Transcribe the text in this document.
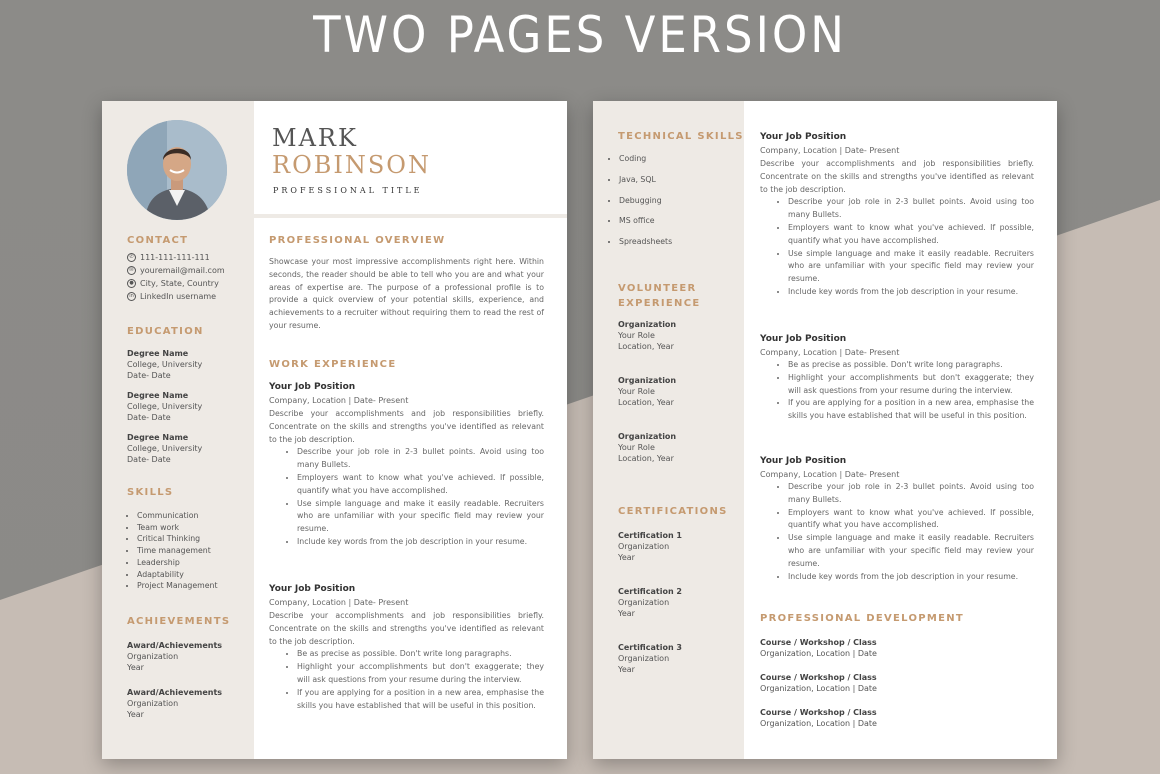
TWO PAGES VERSION
MARK
ROBINSON
PROFESSIONAL TITLE
CONTACT
✆ 111-111-111-111
✉ youremail@mail.com
● City, State, Country
in LinkedIn username
EDUCATION
Degree Name
College, University
Date- Date
Degree Name
College, University
Date- Date
Degree Name
College, University
Date- Date
SKILLS
• Communication
• Team work
• Critical Thinking
• Time management
• Leadership
• Adaptability
• Project Management
ACHIEVEMENTS
Award/Achievements
Organization
Year
Award/Achievements
Organization
Year
PROFESSIONAL OVERVIEW

Showcase your most impressive accomplishments right here. Within seconds, the reader should be able to tell who you are and what your areas of expertise are. The purpose of a professional profile is to provide a quick overview of your potential skills, experience, and achievements to a recruiter without requiring them to read the rest of your resume.

WORK EXPERIENCE
Your Job Position
Company, Location | Date- Present

Describe your accomplishments and job responsibilities briefly. Concentrate on the skills and strengths you've identified as relevant to the job description.

• Describe your job role in 2-3 bullet points. Avoid using too many Bullets.
• Employers want to know what you've achieved. If possible, quantify what you have accomplished.
• Use simple language and make it easily readable. Recruiters who are unfamiliar with your specific field may review your resume.
• Include key words from the job description in your resume.
Your Job Position
Company, Location | Date- Present

Describe your accomplishments and job responsibilities briefly. Concentrate on the skills and strengths you've identified as relevant to the job description.

• Be as precise as possible. Don't write long paragraphs.
• Highlight your accomplishments but don't exaggerate; they will ask questions from your resume during the interview.
• If you are applying for a position in a new area, emphasise the skills you have established that will be useful in this position.
TECHNICAL SKILLS
• Coding
• Java, SQL
• Debugging
• MS office
• Spreadsheets
VOLUNTEER
EXPERIENCE
Organization
Your Role
Location, Year
Organization
Your Role
Location, Year
Organization
Your Role
Location, Year
CERTIFICATIONS
Certification 1
Organization
Year
Certification 2
Organization
Year
Certification 3
Organization
Year
Your Job Position
Company, Location | Date- Present

Describe your accomplishments and job responsibilities briefly. Concentrate on the skills and strengths you've identified as relevant to the job description.

• Describe your job role in 2-3 bullet points. Avoid using too many Bullets.
• Employers want to know what you've achieved. If possible, quantify what you have accomplished.
• Use simple language and make it easily readable. Recruiters who are unfamiliar with your specific field may review your resume.
• Include key words from the job description in your resume.
Your Job Position
Company, Location | Date- Present
• Be as precise as possible. Don't write long paragraphs.
• Highlight your accomplishments but don't exaggerate; they will ask questions from your resume during the interview.
• If you are applying for a position in a new area, emphasise the skills you have established that will be useful in this position.
Your Job Position
Company, Location | Date- Present
• Describe your job role in 2-3 bullet points. Avoid using too many Bullets.
• Employers want to know what you've achieved. If possible, quantify what you have accomplished.
• Use simple language and make it easily readable. Recruiters who are unfamiliar with your specific field may review your resume.
• Include key words from the job description in your resume.
PROFESSIONAL DEVELOPMENT
Course / Workshop / Class
Organization, Location | Date
Course / Workshop / Class
Organization, Location | Date
Course / Workshop / Class
Organization, Location | Date
